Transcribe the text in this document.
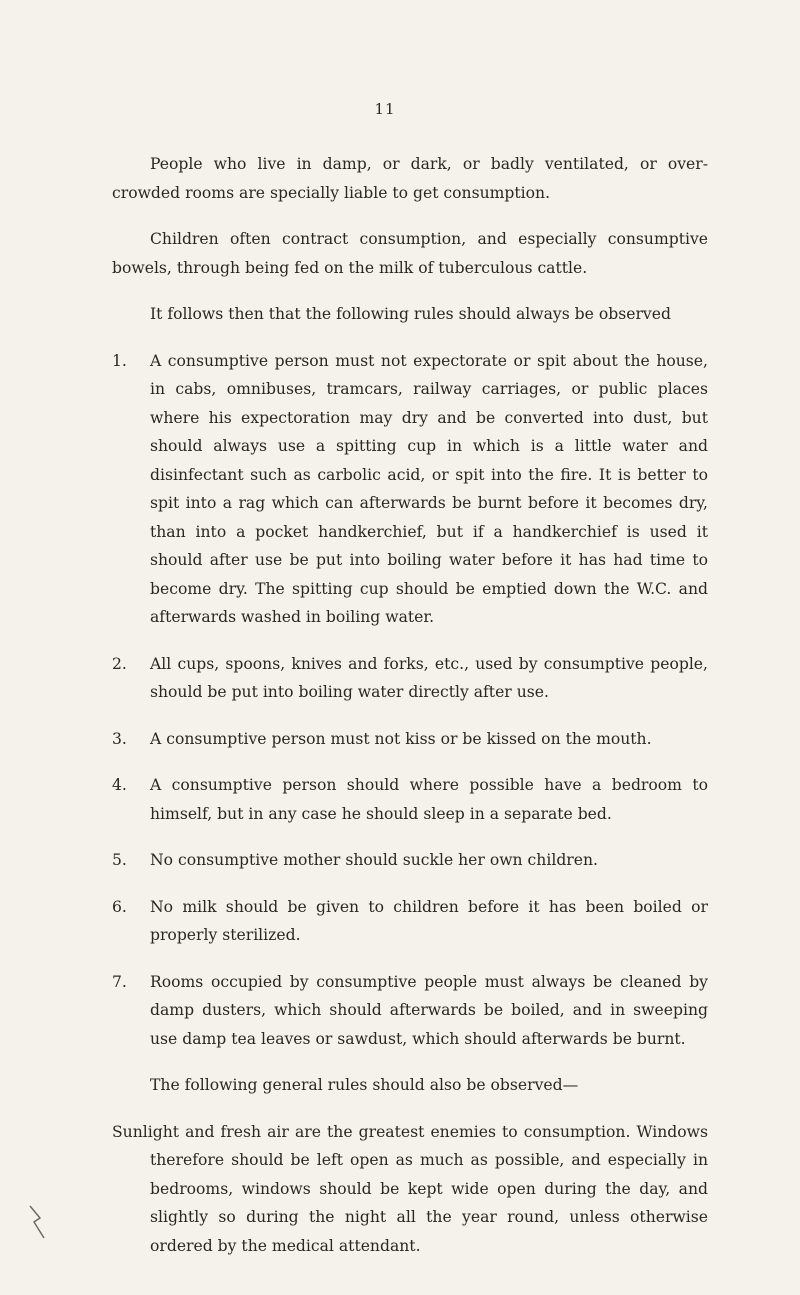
11

People who live in damp, or dark, or badly ventilated, or over-crowded rooms are specially liable to get consumption.

Children often contract consumption, and especially consumptive bowels, through being fed on the milk of tuberculous cattle.

It follows then that the following rules should always be observed

1.	A consumptive person must not expectorate or spit about the house, in cabs, omnibuses, tramcars, railway carriages, or public places where his expectoration may dry and be converted into dust, but should always use a spitting cup in which is a little water and disinfectant such as carbolic acid, or spit into the fire. It is better to spit into a rag which can afterwards be burnt before it becomes dry, than into a pocket handkerchief, but if a handkerchief is used it should after use be put into boiling water before it has had time to become dry. The spitting cup should be emptied down the W.C. and afterwards washed in boiling water.
2.	All cups, spoons, knives and forks, etc., used by consumptive people, should be put into boiling water directly after use.
3.	A consumptive person must not kiss or be kissed on the mouth.
4.	A consumptive person should where possible have a bedroom to himself, but in any case he should sleep in a separate bed.
5.	No consumptive mother should suckle her own children.
6.	No milk should be given to children before it has been boiled or properly sterilized.
7.	Rooms occupied by consumptive people must always be cleaned by damp dusters, which should afterwards be boiled, and in sweeping use damp tea leaves or sawdust, which should afterwards be burnt.

The following general rules should also be observed—

Sunlight and fresh air are the greatest enemies to consumption. Windows therefore should be left open as much as possible, and especially in bedrooms, windows should be kept wide open during the day, and slightly so during the night all the year round, unless otherwise ordered by the medical attendant.
